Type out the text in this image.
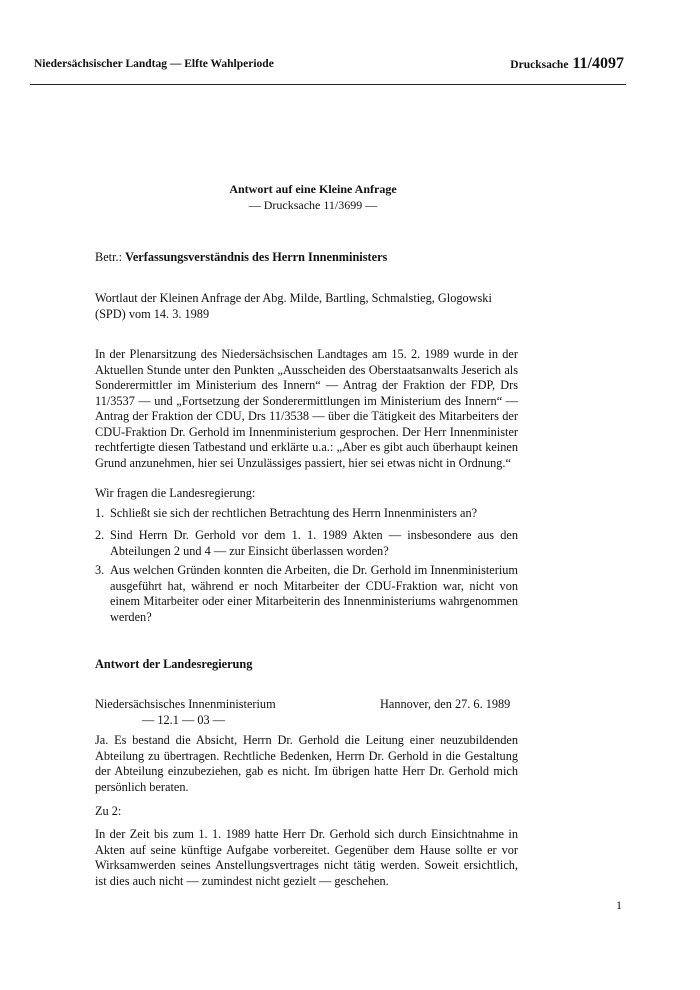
Niedersächsischer Landtag — Elfte Wahlperiode	Drucksache 11/4097
Antwort auf eine Kleine Anfrage
— Drucksache 11/3699 —
Betr.: Verfassungsverständnis des Herrn Innenministers
Wortlaut der Kleinen Anfrage der Abg. Milde, Bartling, Schmalstieg, Glogowski (SPD) vom 14. 3. 1989
In der Plenarsitzung des Niedersächsischen Landtages am 15. 2. 1989 wurde in der Aktuellen Stunde unter den Punkten „Ausscheiden des Oberstaatsanwalts Jeserich als Sonderermittler im Ministerium des Innern“ — Antrag der Fraktion der FDP, Drs 11/3537 — und „Fortsetzung der Sonderermittlungen im Ministerium des Innern“ — Antrag der Fraktion der CDU, Drs 11/3538 — über die Tätigkeit des Mitarbeiters der CDU-Fraktion Dr. Gerhold im Innenministerium gesprochen. Der Herr Innenminister rechtfertigte diesen Tatbestand und erklärte u.a.: „Aber es gibt auch überhaupt keinen Grund anzunehmen, hier sei Unzulässiges passiert, hier sei etwas nicht in Ordnung.“
Wir fragen die Landesregierung:
1. Schließt sie sich der rechtlichen Betrachtung des Herrn Innenministers an?
2. Sind Herrn Dr. Gerhold vor dem 1. 1. 1989 Akten — insbesondere aus den Abteilungen 2 und 4 — zur Einsicht überlassen worden?
3. Aus welchen Gründen konnten die Arbeiten, die Dr. Gerhold im Innenministerium ausgeführt hat, während er noch Mitarbeiter der CDU-Fraktion war, nicht von einem Mitarbeiter oder einer Mitarbeiterin des Innenministeriums wahrgenommen werden?
Antwort der Landesregierung
Niedersächsisches Innenministerium
— 12.1 — 03 —
Hannover, den 27. 6. 1989
Ja. Es bestand die Absicht, Herrn Dr. Gerhold die Leitung einer neuzubildenden Abteilung zu übertragen. Rechtliche Bedenken, Herrn Dr. Gerhold in die Gestaltung der Abteilung einzubeziehen, gab es nicht. Im übrigen hatte Herr Dr. Gerhold mich persönlich beraten.
Zu 2:
In der Zeit bis zum 1. 1. 1989 hatte Herr Dr. Gerhold sich durch Einsichtnahme in Akten auf seine künftige Aufgabe vorbereitet. Gegenüber dem Hause sollte er vor Wirksamwerden seines Anstellungsvertrages nicht tätig werden. Soweit ersichtlich, ist dies auch nicht — zumindest nicht gezielt — geschehen.
1
